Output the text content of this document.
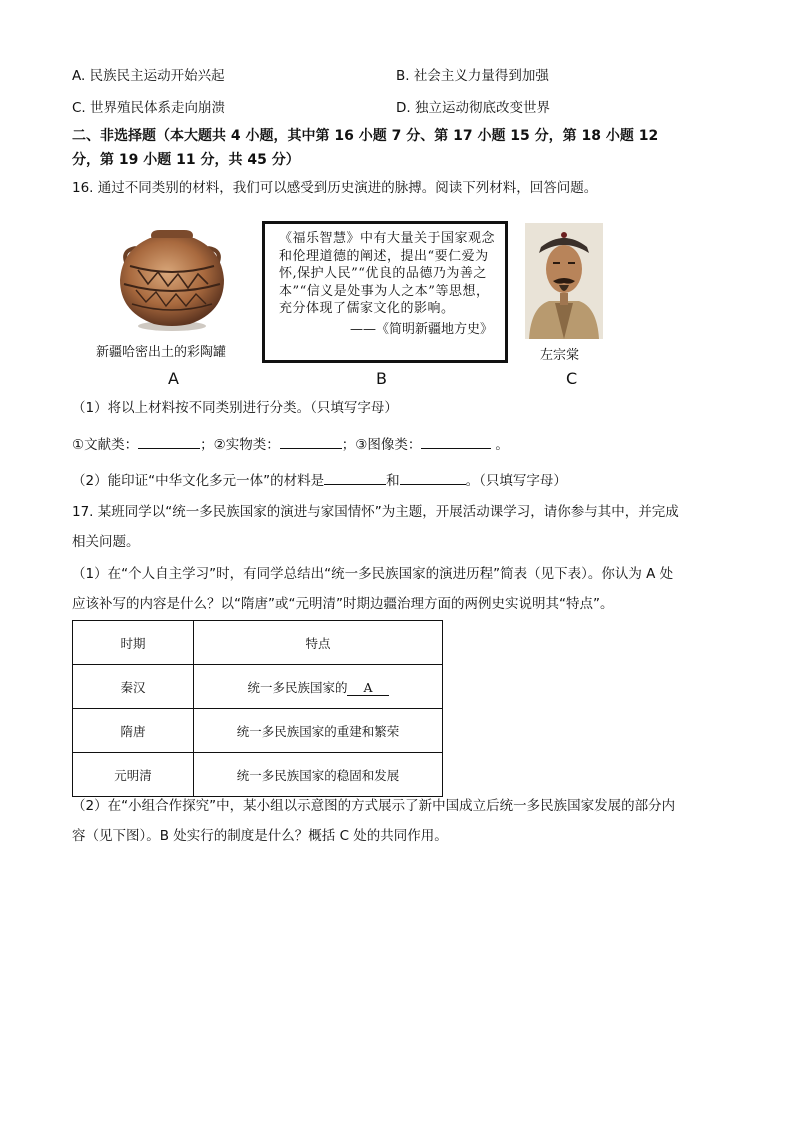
A. 民族民主运动开始兴起	B. 社会主义力量得到加强
C. 世界殖民体系走向崩溃	D. 独立运动彻底改变世界
二、非选择题（本大题共 4 小题，其中第 16 小题 7 分、第 17 小题 15 分，第 18 小题 12
分，第 19 小题 11 分，共 45 分）
16. 通过不同类别的材料，我们可以感受到历史演进的脉搏。阅读下列材料，回答问题。
新疆哈密出土的彩陶罐
A
《福乐智慧》中有大量关于国家观念和伦理道德的阐述，提出“要仁爱为怀,保护人民”“优良的品德乃为善之本”“信义是处事为人之本”等思想，充分体现了儒家文化的影响。
——《简明新疆地方史》
B
左宗棠
C
（1）将以上材料按不同类别进行分类。（只填写字母）
①文献类：	；②实物类：	；③图像类：	。
（2）能印证“中华文化多元一体”的材料是	和	。（只填写字母）
17. 某班同学以“统一多民族国家的演进与家国情怀”为主题，开展活动课学习，请你参与其中，并完成
相关问题。
（1）在“个人自主学习”时，有同学总结出“统一多民族国家的演进历程”简表（见下表）。你认为 A 处
应该补写的内容是什么？以“隋唐”或“元明清”时期边疆治理方面的两例史实说明其“特点”。
时期	特点
秦汉	统一多民族国家的 A
隋唐	统一多民族国家的重建和繁荣
元明清	统一多民族国家的稳固和发展
（2）在“小组合作探究”中，某小组以示意图的方式展示了新中国成立后统一多民族国家发展的部分内
容（见下图）。B 处实行的制度是什么？概括 C 处的共同作用。
